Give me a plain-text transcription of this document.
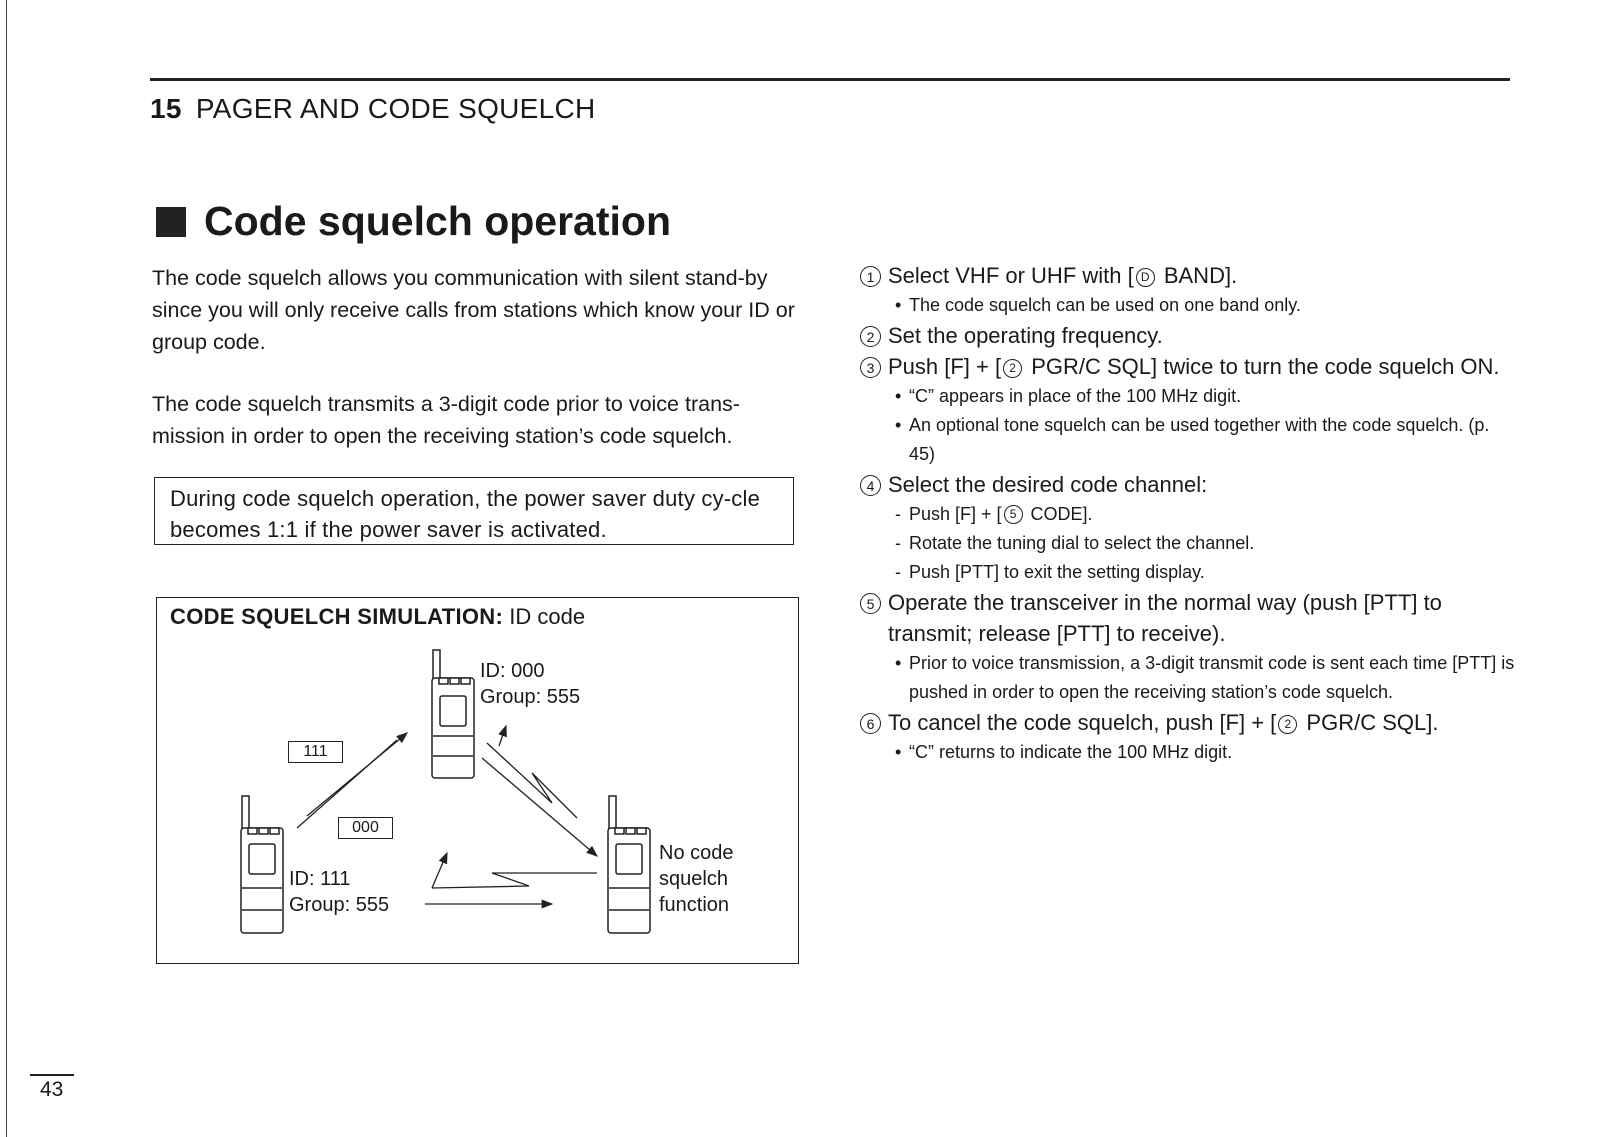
15 PAGER AND CODE SQUELCH
Code squelch operation

The code squelch allows you communication with silent stand-by since you will only receive calls from stations which know your ID or group code.

The code squelch transmits a 3-digit code prior to voice trans-mission in order to open the receiving station’s code squelch.

During code squelch operation, the power saver duty cy-cle becomes 1:1 if the power saver is activated.
CODE SQUELCH SIMULATION: ID code
111
000
ID: 000
Group: 555
ID: 111
Group: 555
No code
squelch
function
1 Select VHF or UHF with [ D BAND].
• The code squelch can be used on one band only.
2 Set the operating frequency.
3 Push [F] + [ 2 PGR/C SQL] twice to turn the code squelch ON.
• “C” appears in place of the 100 MHz digit.
• An optional tone squelch can be used together with the code squelch. (p. 45)
4 Select the desired code channel:
- Push [F] + [ 5 CODE].
- Rotate the tuning dial to select the channel.
- Push [PTT] to exit the setting display.
5 Operate the transceiver in the normal way (push [PTT] to transmit; release [PTT] to receive).
• Prior to voice transmission, a 3-digit transmit code is sent each time [PTT] is pushed in order to open the receiving station’s code squelch.
6 To cancel the code squelch, push [F] + [ 2 PGR/C SQL].
• “C” returns to indicate the 100 MHz digit.
43
